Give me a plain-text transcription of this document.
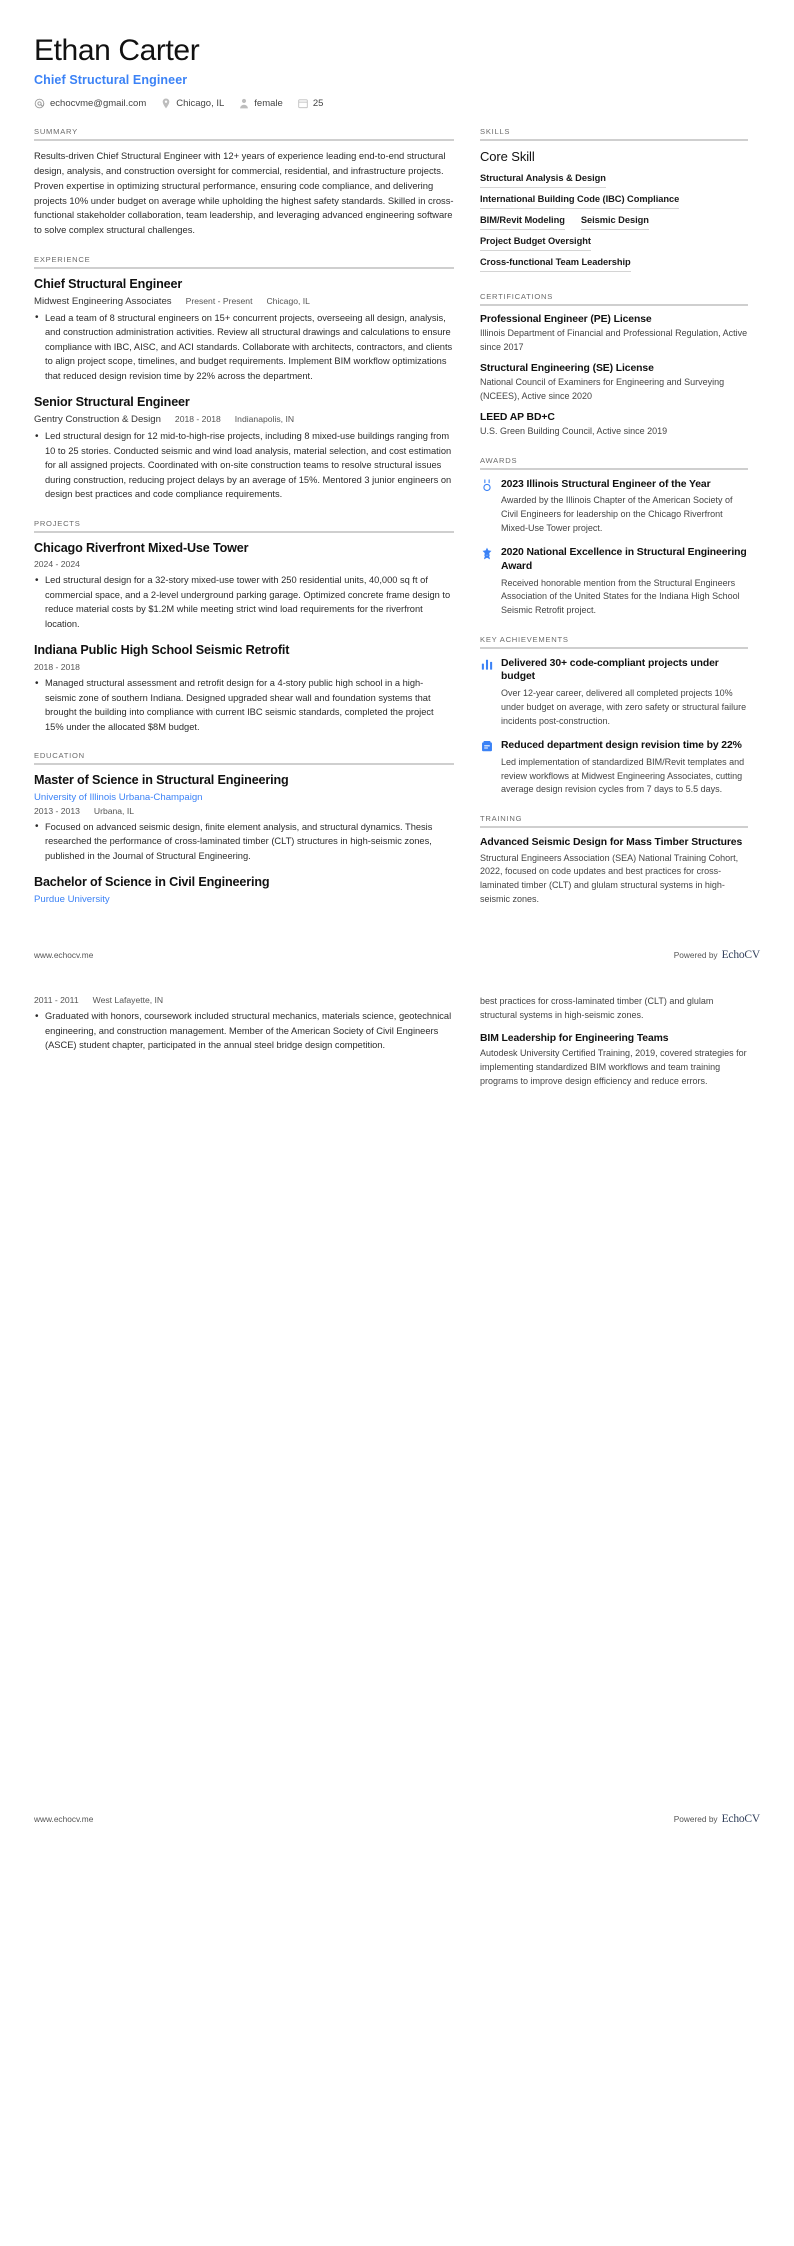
Ethan Carter
Chief Structural Engineer
echocvme@gmail.com	Chicago, IL	female	25
SUMMARY
Results-driven Chief Structural Engineer with 12+ years of experience leading end-to-end structural design, analysis, and construction oversight for commercial, residential, and infrastructure projects. Proven expertise in optimizing structural performance, ensuring code compliance, and delivering projects 10% under budget on average while upholding the highest safety standards. Skilled in cross-functional stakeholder collaboration, team leadership, and leveraging advanced engineering software to solve complex structural challenges.
EXPERIENCE
Chief Structural Engineer
Midwest Engineering Associates Present - Present Chicago, IL
• Lead a team of 8 structural engineers on 15+ concurrent projects, overseeing all design, analysis, and construction administration activities. Review all structural drawings and calculations to ensure compliance with IBC, AISC, and ACI standards. Collaborate with architects, contractors, and clients to align project scope, timelines, and budget requirements. Implement BIM workflow optimizations that reduced design revision time by 22% across the department.
Senior Structural Engineer
Gentry Construction & Design 2018 - 2018 Indianapolis, IN
• Led structural design for 12 mid-to-high-rise projects, including 8 mixed-use buildings ranging from 10 to 25 stories. Conducted seismic and wind load analysis, material selection, and cost estimation for all assigned projects. Coordinated with on-site construction teams to resolve structural issues during construction, reducing project delays by an average of 15%. Mentored 3 junior engineers on design best practices and code compliance requirements.
PROJECTS
Chicago Riverfront Mixed-Use Tower
2024 - 2024
• Led structural design for a 32-story mixed-use tower with 250 residential units, 40,000 sq ft of commercial space, and a 2-level underground parking garage. Optimized concrete frame design to reduce material costs by $1.2M while meeting strict wind load requirements for the riverfront location.
Indiana Public High School Seismic Retrofit
2018 - 2018
• Managed structural assessment and retrofit design for a 4-story public high school in a high-seismic zone of southern Indiana. Designed upgraded shear wall and foundation systems that brought the building into compliance with current IBC seismic standards, completed the project 15% under the allocated $8M budget.
EDUCATION
Master of Science in Structural Engineering
University of Illinois Urbana-Champaign
2013 - 2013 Urbana, IL
• Focused on advanced seismic design, finite element analysis, and structural dynamics. Thesis researched the performance of cross-laminated timber (CLT) structures in high-seismic zones, published in the Journal of Structural Engineering.
Bachelor of Science in Civil Engineering
Purdue University
SKILLS
Core Skill
Structural Analysis & Design
International Building Code (IBC) Compliance
BIM/Revit Modeling Seismic Design
Project Budget Oversight
Cross-functional Team Leadership
CERTIFICATIONS
Professional Engineer (PE) License
Illinois Department of Financial and Professional Regulation, Active since 2017
Structural Engineering (SE) License
National Council of Examiners for Engineering and Surveying (NCEES), Active since 2020
LEED AP BD+C
U.S. Green Building Council, Active since 2019
AWARDS
2023 Illinois Structural Engineer of the Year
Awarded by the Illinois Chapter of the American Society of Civil Engineers for leadership on the Chicago Riverfront Mixed-Use Tower project.
2020 National Excellence in Structural Engineering Award
Received honorable mention from the Structural Engineers Association of the United States for the Indiana High School Seismic Retrofit project.
KEY ACHIEVEMENTS
Delivered 30+ code-compliant projects under budget
Over 12-year career, delivered all completed projects 10% under budget on average, with zero safety or structural failure incidents post-construction.
Reduced department design revision time by 22%
Led implementation of standardized BIM/Revit templates and review workflows at Midwest Engineering Associates, cutting average design revision cycles from 7 days to 5.5 days.
TRAINING
Advanced Seismic Design for Mass Timber Structures
Structural Engineers Association (SEA) National Training Cohort, 2022, focused on code updates and best practices for cross-laminated timber (CLT) and glulam structural systems in high-seismic zones.
www.echocv.me	Powered by EchoCV
2011 - 2011 West Lafayette, IN
• Graduated with honors, coursework included structural mechanics, materials science, geotechnical engineering, and construction management. Member of the American Society of Civil Engineers (ASCE) student chapter, participated in the annual steel bridge design competition.
best practices for cross-laminated timber (CLT) and glulam structural systems in high-seismic zones.
BIM Leadership for Engineering Teams
Autodesk University Certified Training, 2019, covered strategies for implementing standardized BIM workflows and team training programs to improve design efficiency and reduce errors.
www.echocv.me	Powered by EchoCV
